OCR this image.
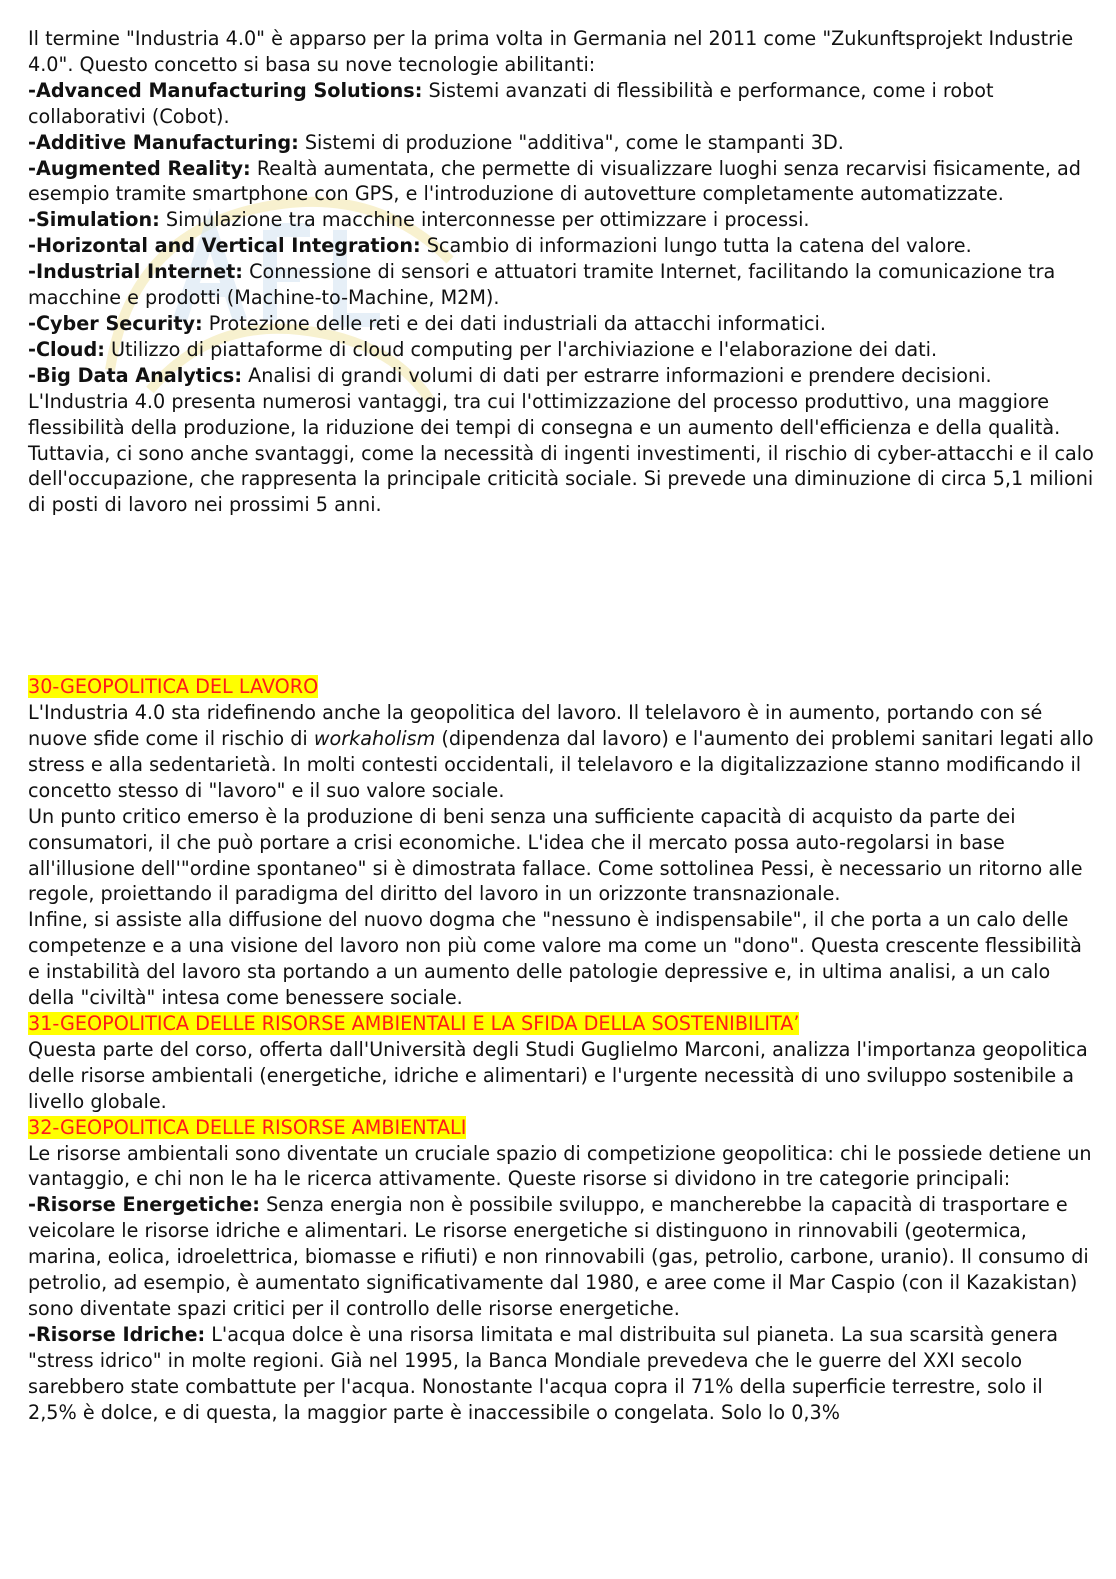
Il termine "Industria 4.0" è apparso per la prima volta in Germania nel 2011 come "Zukunftsprojekt Industrie 4.0". Questo concetto si basa su nove tecnologie abilitanti:

-Advanced Manufacturing Solutions: Sistemi avanzati di flessibilità e performance, come i robot collaborativi (Cobot).

-Additive Manufacturing: Sistemi di produzione "additiva", come le stampanti 3D.

-Augmented Reality: Realtà aumentata, che permette di visualizzare luoghi senza recarvisi fisicamente, ad esempio tramite smartphone con GPS, e l'introduzione di autovetture completamente automatizzate.

-Simulation: Simulazione tra macchine interconnesse per ottimizzare i processi.

-Horizontal and Vertical Integration: Scambio di informazioni lungo tutta la catena del valore.

-Industrial Internet: Connessione di sensori e attuatori tramite Internet, facilitando la comunicazione tra macchine e prodotti (Machine-to-Machine, M2M).

-Cyber Security: Protezione delle reti e dei dati industriali da attacchi informatici.

-Cloud: Utilizzo di piattaforme di cloud computing per l'archiviazione e l'elaborazione dei dati.

-Big Data Analytics: Analisi di grandi volumi di dati per estrarre informazioni e prendere decisioni.

L'Industria 4.0 presenta numerosi vantaggi, tra cui l'ottimizzazione del processo produttivo, una maggiore flessibilità della produzione, la riduzione dei tempi di consegna e un aumento dell'efficienza e della qualità. Tuttavia, ci sono anche svantaggi, come la necessità di ingenti investimenti, il rischio di cyber-attacchi e il calo dell'occupazione, che rappresenta la principale criticità sociale. Si prevede una diminuzione di circa 5,1 milioni di posti di lavoro nei prossimi 5 anni.

30-GEOPOLITICA DEL LAVORO

L'Industria 4.0 sta ridefinendo anche la geopolitica del lavoro. Il telelavoro è in aumento, portando con sé nuove sfide come il rischio di workaholism (dipendenza dal lavoro) e l'aumento dei problemi sanitari legati allo stress e alla sedentarietà. In molti contesti occidentali, il telelavoro e la digitalizzazione stanno modificando il concetto stesso di "lavoro" e il suo valore sociale.

Un punto critico emerso è la produzione di beni senza una sufficiente capacità di acquisto da parte dei consumatori, il che può portare a crisi economiche. L'idea che il mercato possa auto-regolarsi in base all'illusione dell'"ordine spontaneo" si è dimostrata fallace. Come sottolinea Pessi, è necessario un ritorno alle regole, proiettando il paradigma del diritto del lavoro in un orizzonte transnazionale.

Infine, si assiste alla diffusione del nuovo dogma che "nessuno è indispensabile", il che porta a un calo delle competenze e a una visione del lavoro non più come valore ma come un "dono". Questa crescente flessibilità e instabilità del lavoro sta portando a un aumento delle patologie depressive e, in ultima analisi, a un calo della "civiltà" intesa come benessere sociale.

31-GEOPOLITICA DELLE RISORSE AMBIENTALI E LA SFIDA DELLA SOSTENIBILITA’

Questa parte del corso, offerta dall'Università degli Studi Guglielmo Marconi, analizza l'importanza geopolitica delle risorse ambientali (energetiche, idriche e alimentari) e l'urgente necessità di uno sviluppo sostenibile a livello globale.

32-GEOPOLITICA DELLE RISORSE AMBIENTALI

Le risorse ambientali sono diventate un cruciale spazio di competizione geopolitica: chi le possiede detiene un vantaggio, e chi non le ha le ricerca attivamente. Queste risorse si dividono in tre categorie principali:

-Risorse Energetiche: Senza energia non è possibile sviluppo, e mancherebbe la capacità di trasportare e veicolare le risorse idriche e alimentari. Le risorse energetiche si distinguono in rinnovabili (geotermica, marina, eolica, idroelettrica, biomasse e rifiuti) e non rinnovabili (gas, petrolio, carbone, uranio). Il consumo di petrolio, ad esempio, è aumentato significativamente dal 1980, e aree come il Mar Caspio (con il Kazakistan) sono diventate spazi critici per il controllo delle risorse energetiche.

-Risorse Idriche: L'acqua dolce è una risorsa limitata e mal distribuita sul pianeta. La sua scarsità genera "stress idrico" in molte regioni. Già nel 1995, la Banca Mondiale prevedeva che le guerre del XXI secolo sarebbero state combattute per l'acqua. Nonostante l'acqua copra il 71% della superficie terrestre, solo il 2,5% è dolce, e di questa, la maggior parte è inaccessibile o congelata. Solo lo 0,3%
